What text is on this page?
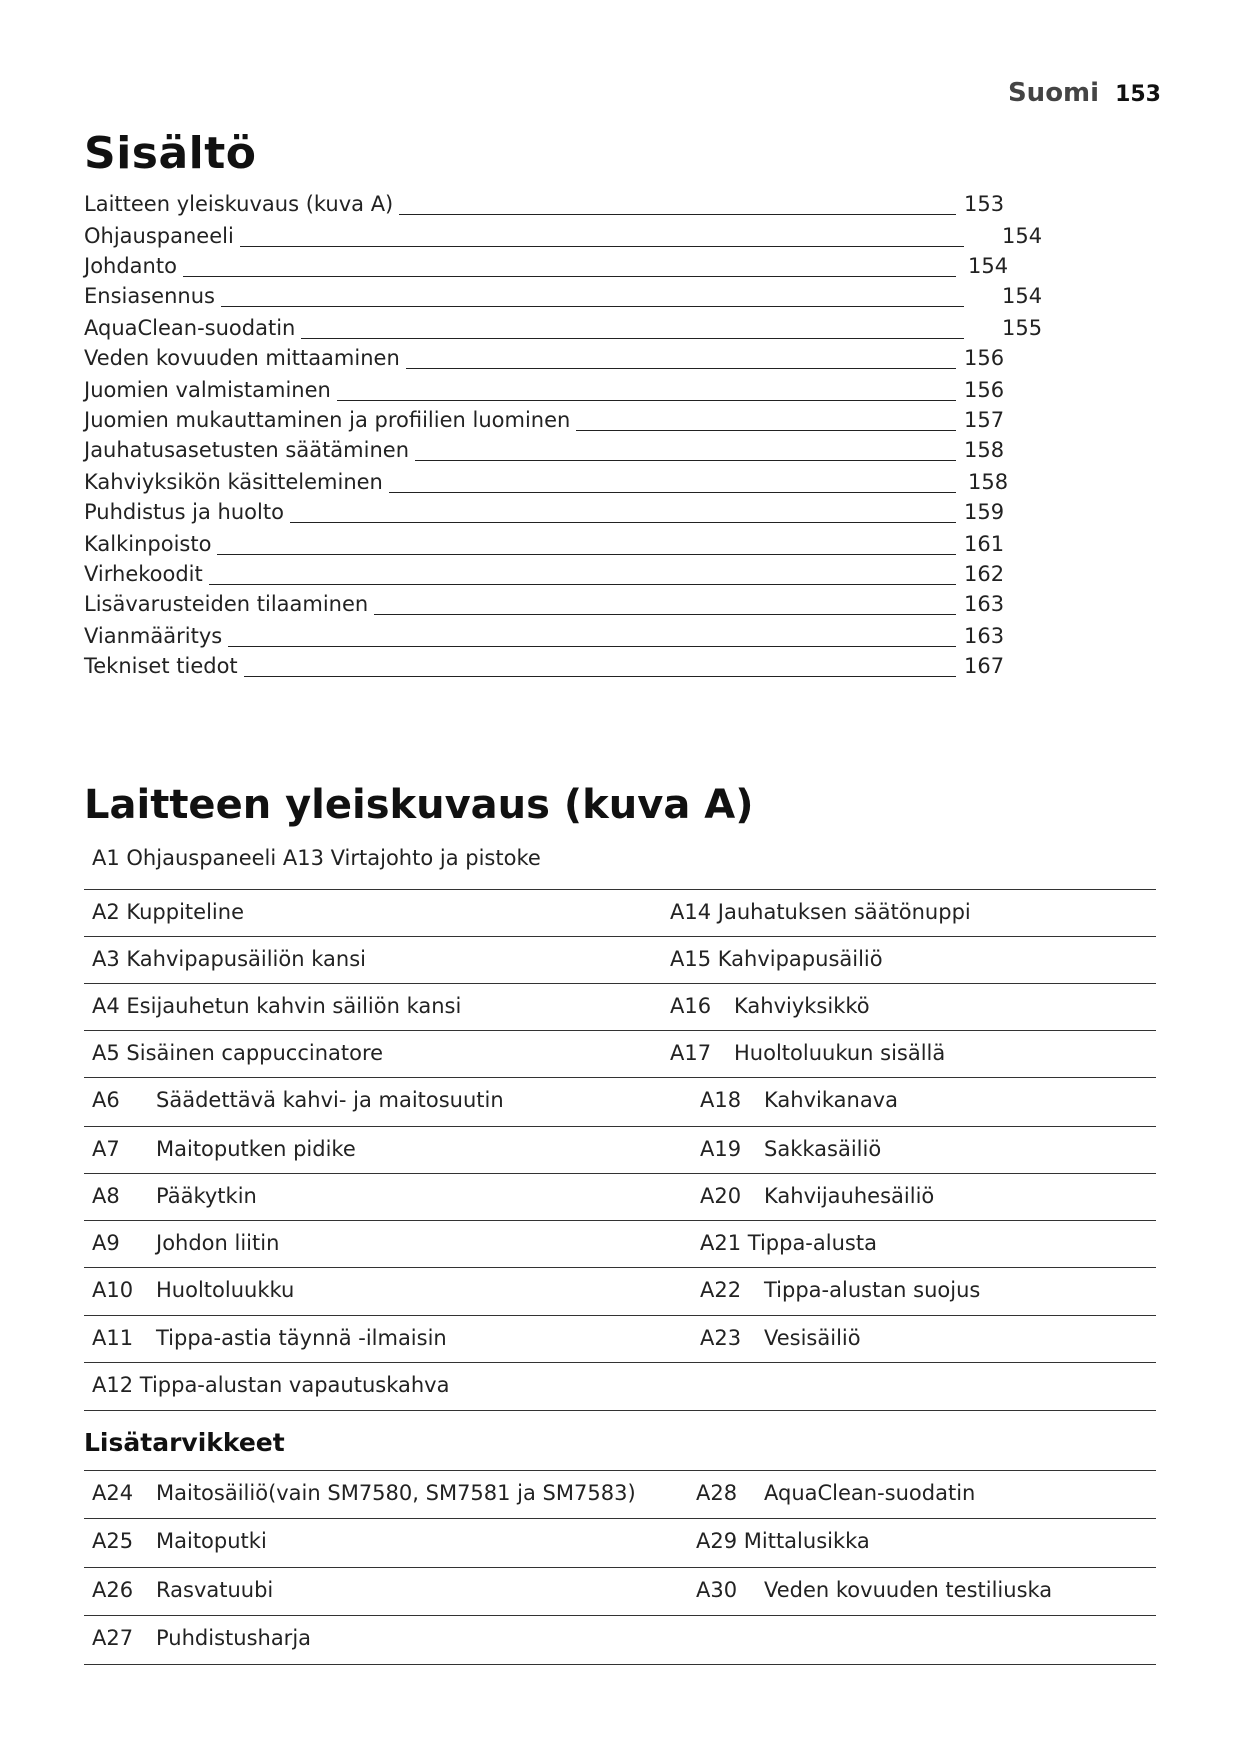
Suomi 153
Sisältö
Laitteen yleiskuvaus (kuva A)	153
Ohjauspaneeli	154
Johdanto	154
Ensiasennus	154
AquaClean-suodatin	155
Veden kovuuden mittaaminen	156
Juomien valmistaminen	156
Juomien mukauttaminen ja profiilien luominen	157
Jauhatusasetusten säätäminen	158
Kahviyksikön käsitteleminen	158
Puhdistus ja huolto	159
Kalkinpoisto	161
Virhekoodit	162
Lisävarusteiden tilaaminen	163
Vianmääritys	163
Tekniset tiedot	167
Laitteen yleiskuvaus (kuva A)
A1 Ohjauspaneeli A13 Virtajohto ja pistoke
A2 Kuppiteline	A14 Jauhatuksen säätönuppi
A3 Kahvipapusäiliön kansi	A15 Kahvipapusäiliö
A4 Esijauhetun kahvin säiliön kansi	A16 Kahviyksikkö
A5 Sisäinen cappuccinatore	A17 Huoltoluukun sisällä
A6 Säädettävä kahvi- ja maitosuutin	A18 Kahvikanava
A7 Maitoputken pidike	A19 Sakkasäiliö
A8 Pääkytkin	A20 Kahvijauhesäiliö
A9 Johdon liitin	A21 Tippa-alusta
A10 Huoltoluukku	A22 Tippa-alustan suojus
A11 Tippa-astia täynnä -ilmaisin	A23 Vesisäiliö
A12 Tippa-alustan vapautuskahva
Lisätarvikkeet
A24 Maitosäiliö(vain SM7580, SM7581 ja SM7583)	A28 AquaClean-suodatin
A25 Maitoputki	A29 Mittalusikka
A26 Rasvatuubi	A30 Veden kovuuden testiliuska
A27 Puhdistusharja
